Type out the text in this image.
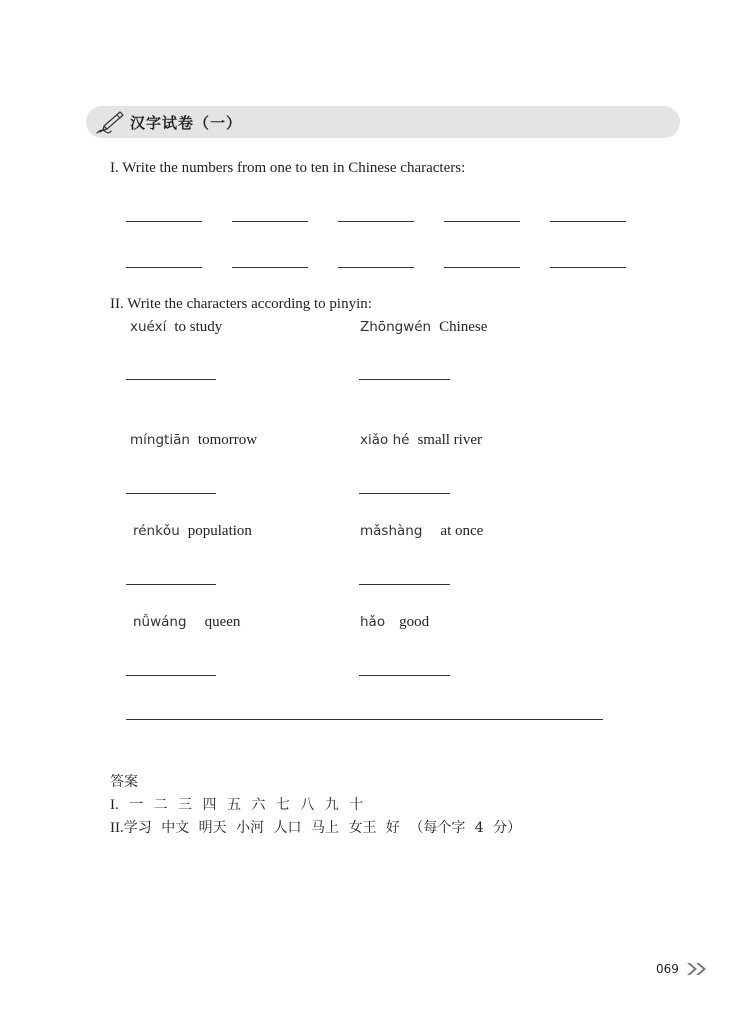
汉字试卷（一）
I. Write the numbers from one to ten in Chinese characters:
II. Write the characters according to pinyin:
xuéxí to study	Zhōngwén Chinese
míngtiān tomorrow	xiǎo hé small river
rénkǒu population	mǎshàng at once
nǚwáng queen	hǎo good
答案
I. 一 二 三 四 五 六 七 八 九 十
II.学习 中文 明天 小河 人口 马上 女王 好 （每个字 4 分）
069
